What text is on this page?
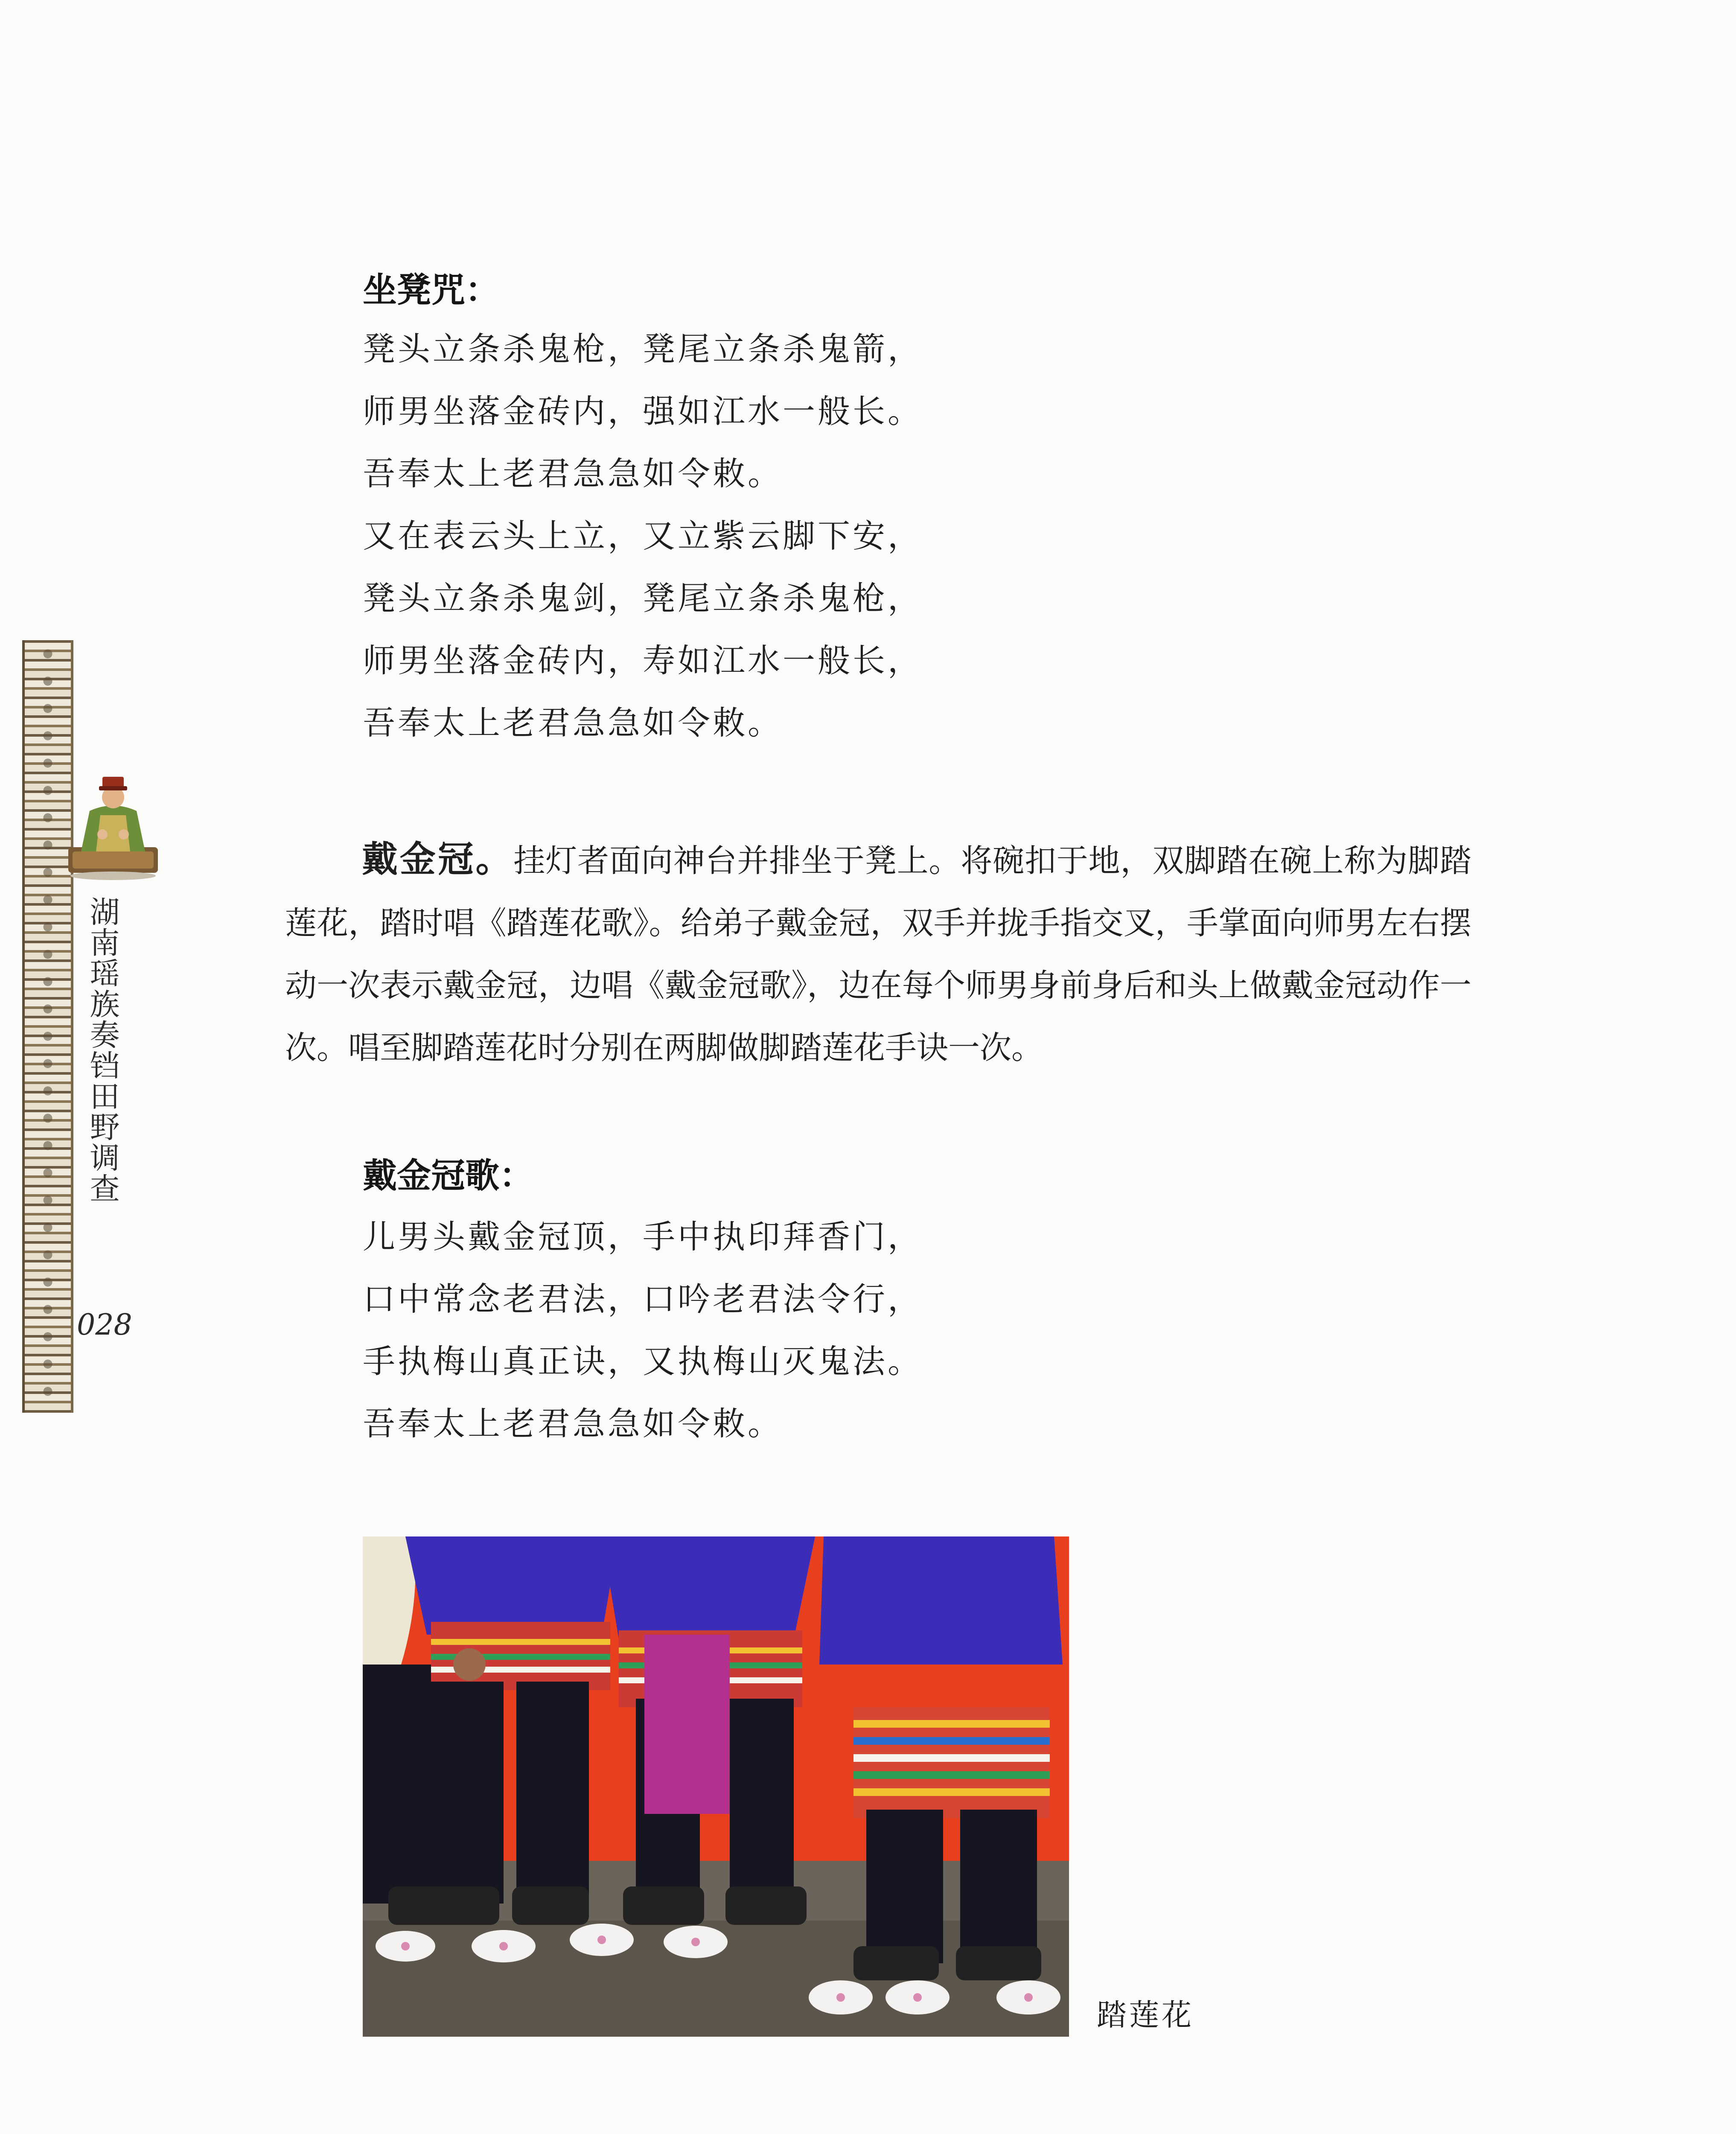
湖南瑶族奏铛田野调查
028
坐凳咒：
凳头立条杀鬼枪，凳尾立条杀鬼箭，
师男坐落金砖内，强如江水一般长。
吾奉太上老君急急如令敕。
又在表云头上立，又立紫云脚下安，
凳头立条杀鬼剑，凳尾立条杀鬼枪，
师男坐落金砖内，寿如江水一般长，
吾奉太上老君急急如令敕。
戴金冠。挂灯者面向神台并排坐于凳上。将碗扣于地，双脚踏在碗上称为脚踏莲花，踏时唱《踏莲花歌》。给弟子戴金冠，双手并拢手指交叉，手掌面向师男左右摆动一次表示戴金冠，边唱《戴金冠歌》，边在每个师男身前身后和头上做戴金冠动作一次。唱至脚踏莲花时分别在两脚做脚踏莲花手诀一次。
戴金冠歌：
儿男头戴金冠顶，手中执印拜香门，
口中常念老君法，口吟老君法令行，
手执梅山真正诀，又执梅山灭鬼法。
吾奉太上老君急急如令敕。
踏莲花
